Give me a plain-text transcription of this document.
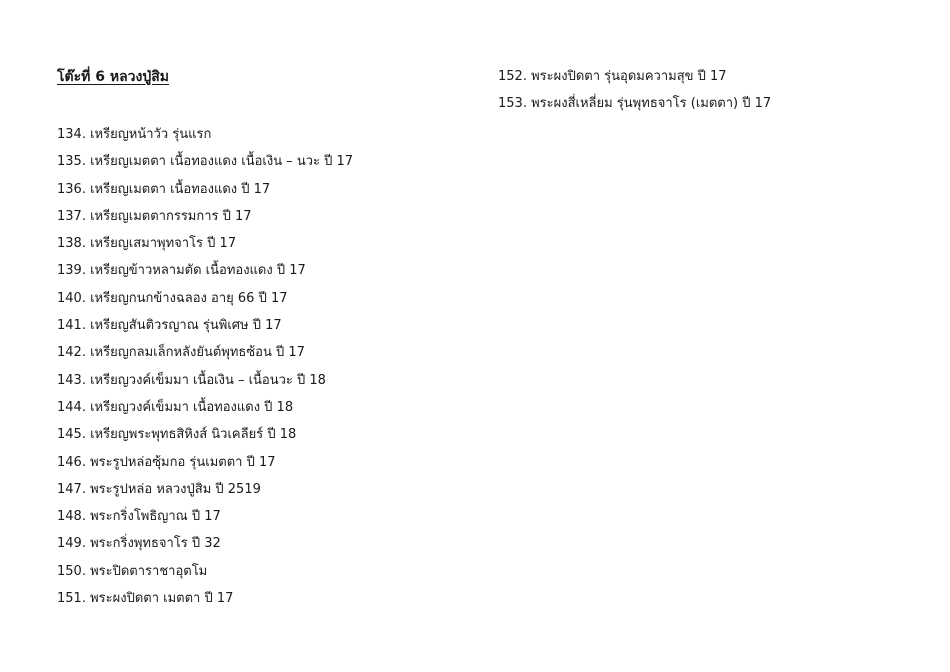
โต๊ะที่ 6 หลวงปู่สิม
134. เหรียญหน้าวัว รุ่นแรก
135. เหรียญเมตตา เนื้อทองแดง เนื้อเงิน – นวะ ปี 17
136. เหรียญเมตตา เนื้อทองแดง ปี 17
137. เหรียญเมตตากรรมการ ปี 17
138. เหรียญเสมาพุทจาโร ปี 17
139. เหรียญข้าวหลามตัด เนื้อทองแดง ปี 17
140. เหรียญกนกข้างฉลอง อายุ 66 ปี 17
141. เหรียญสันติวรญาณ รุ่นพิเศษ ปี 17
142. เหรียญกลมเล็กหลังยันต์พุทธซ้อน ปี 17
143. เหรียญวงค์เข็มมา เนื้อเงิน – เนื้อนวะ ปี 18
144. เหรียญวงค์เข็มมา เนื้อทองแดง ปี 18
145. เหรียญพระพุทธสิหิงส์ นิวเคลียร์ ปี 18
146. พระรูปหล่อซุ้มกอ รุ่นเมตตา ปี 17
147. พระรูปหล่อ หลวงปู่สิม ปี 2519
148. พระกริ่งโพธิญาณ ปี 17
149. พระกริ่งพุทธจาโร ปี 32
150. พระปิดตาราชาอุตโม
151. พระผงปิดตา เมตตา ปี 17
152. พระผงปิดตา รุ่นอุดมความสุข ปี 17
153. พระผงสี่เหลี่ยม รุ่นพุทธจาโร (เมตตา) ปี 17
